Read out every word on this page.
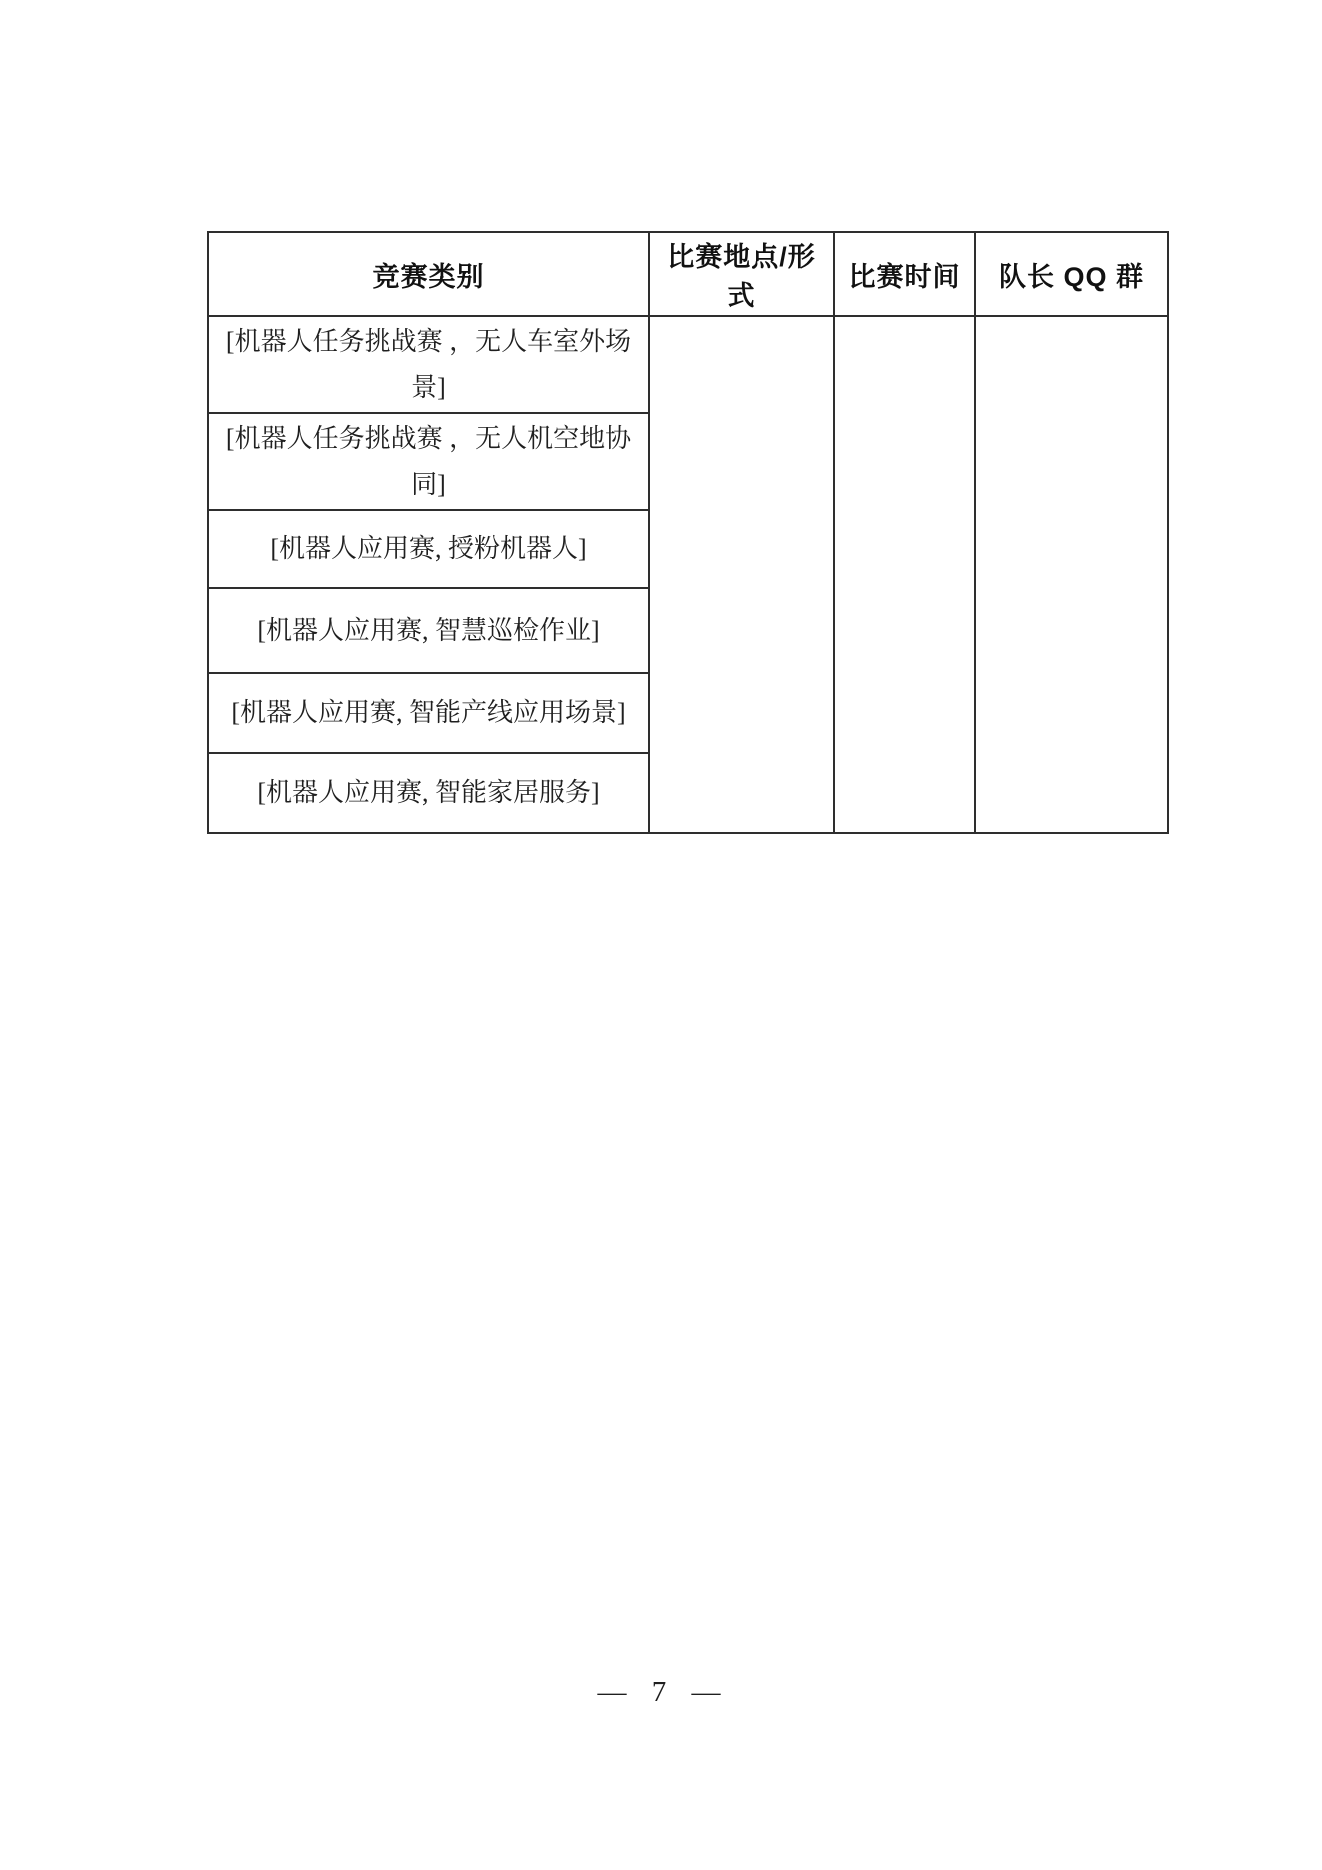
竞赛类别	比赛地点/形式	比赛时间	队长 QQ 群
[机器人任务挑战赛 ，无人车室外场景]			
[机器人任务挑战赛 ，无人机空地协同]			
[机器人应用赛, 授粉机器人]			
[机器人应用赛, 智慧巡检作业]			
[机器人应用赛, 智能产线应用场景]			
[机器人应用赛, 智能家居服务]			
— 7 —
